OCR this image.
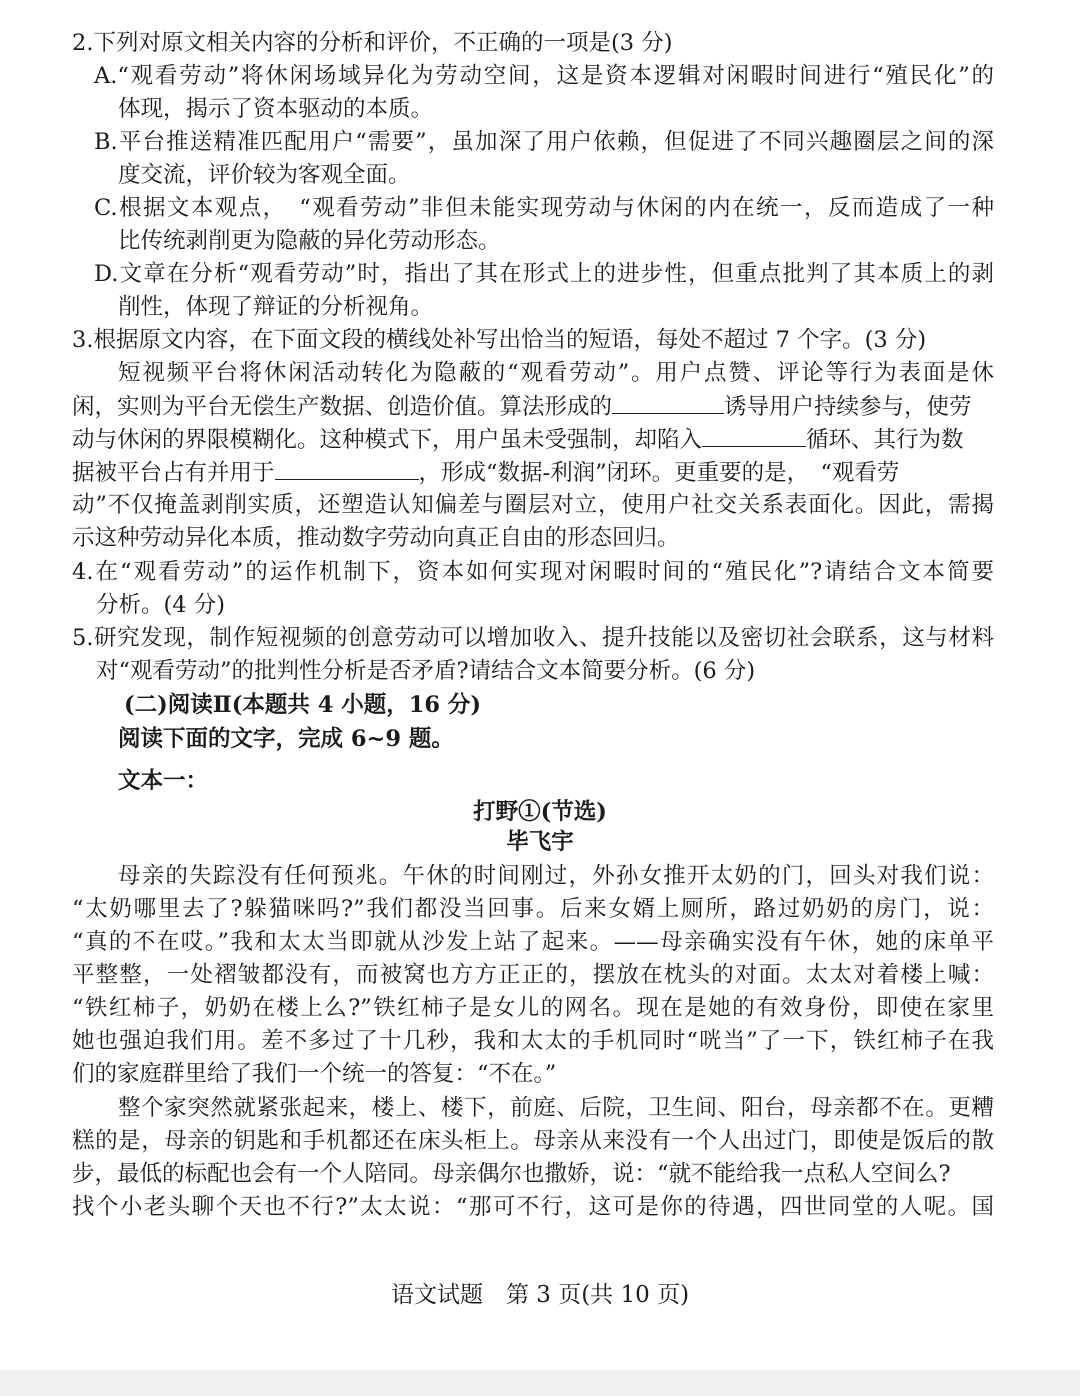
2.下列对原文相关内容的分析和评价，不正确的一项是(3 分)
A.“观看劳动”将休闲场域异化为劳动空间，这是资本逻辑对闲暇时间进行“殖民化”的
体现，揭示了资本驱动的本质。
B.平台推送精准匹配用户“需要”，虽加深了用户依赖，但促进了不同兴趣圈层之间的深
度交流，评价较为客观全面。
C.根据文本观点，　“观看劳动”非但未能实现劳动与休闲的内在统一，反而造成了一种
比传统剥削更为隐蔽的异化劳动形态。
D.文章在分析“观看劳动”时，指出了其在形式上的进步性，但重点批判了其本质上的剥
削性，体现了辩证的分析视角。
3.根据原文内容，在下面文段的横线处补写出恰当的短语，每处不超过 7 个字。(3 分)
短视频平台将休闲活动转化为隐蔽的“观看劳动”。用户点赞、评论等行为表面是休
闲，实则为平台无偿生产数据、创造价值。算法形成的	诱导用户持续参与，使劳
动与休闲的界限模糊化。这种模式下，用户虽未受强制，却陷入	循环、其行为数
据被平台占有并用于	，形成“数据-利润”闭环。更重要的是，　“观看劳
动”不仅掩盖剥削实质，还塑造认知偏差与圈层对立，使用户社交关系表面化。因此，需揭
示这种劳动异化本质，推动数字劳动向真正自由的形态回归。
4.在“观看劳动”的运作机制下，资本如何实现对闲暇时间的“殖民化”?请结合文本简要
分析。(4 分)
5.研究发现，制作短视频的创意劳动可以增加收入、提升技能以及密切社会联系，这与材料
对“观看劳动”的批判性分析是否矛盾?请结合文本简要分析。(6 分)
(二)阅读Ⅱ(本题共 4 小题，16 分)
阅读下面的文字，完成 6~9 题。
文本一：
打野①(节选)
毕飞宇
母亲的失踪没有任何预兆。午休的时间刚过，外孙女推开太奶的门，回头对我们说：
“太奶哪里去了?躲猫咪吗?”我们都没当回事。后来女婿上厕所，路过奶奶的房门，说：
“真的不在哎。”我和太太当即就从沙发上站了起来。——母亲确实没有午休，她的床单平
平整整，一处褶皱都没有，而被窝也方方正正的，摆放在枕头的对面。太太对着楼上喊：
“铁红柿子，奶奶在楼上么?”铁红柿子是女儿的网名。现在是她的有效身份，即使在家里
她也强迫我们用。差不多过了十几秒，我和太太的手机同时“咣当”了一下，铁红柿子在我
们的家庭群里给了我们一个统一的答复：“不在。”
整个家突然就紧张起来，楼上、楼下，前庭、后院，卫生间、阳台，母亲都不在。更糟
糕的是，母亲的钥匙和手机都还在床头柜上。母亲从来没有一个人出过门，即使是饭后的散
步，最低的标配也会有一个人陪同。母亲偶尔也撒娇，说：“就不能给我一点私人空间么?
找个小老头聊个天也不行?”太太说：“那可不行，这可是你的待遇，四世同堂的人呢。国
语文试题　第 3 页(共 10 页)
